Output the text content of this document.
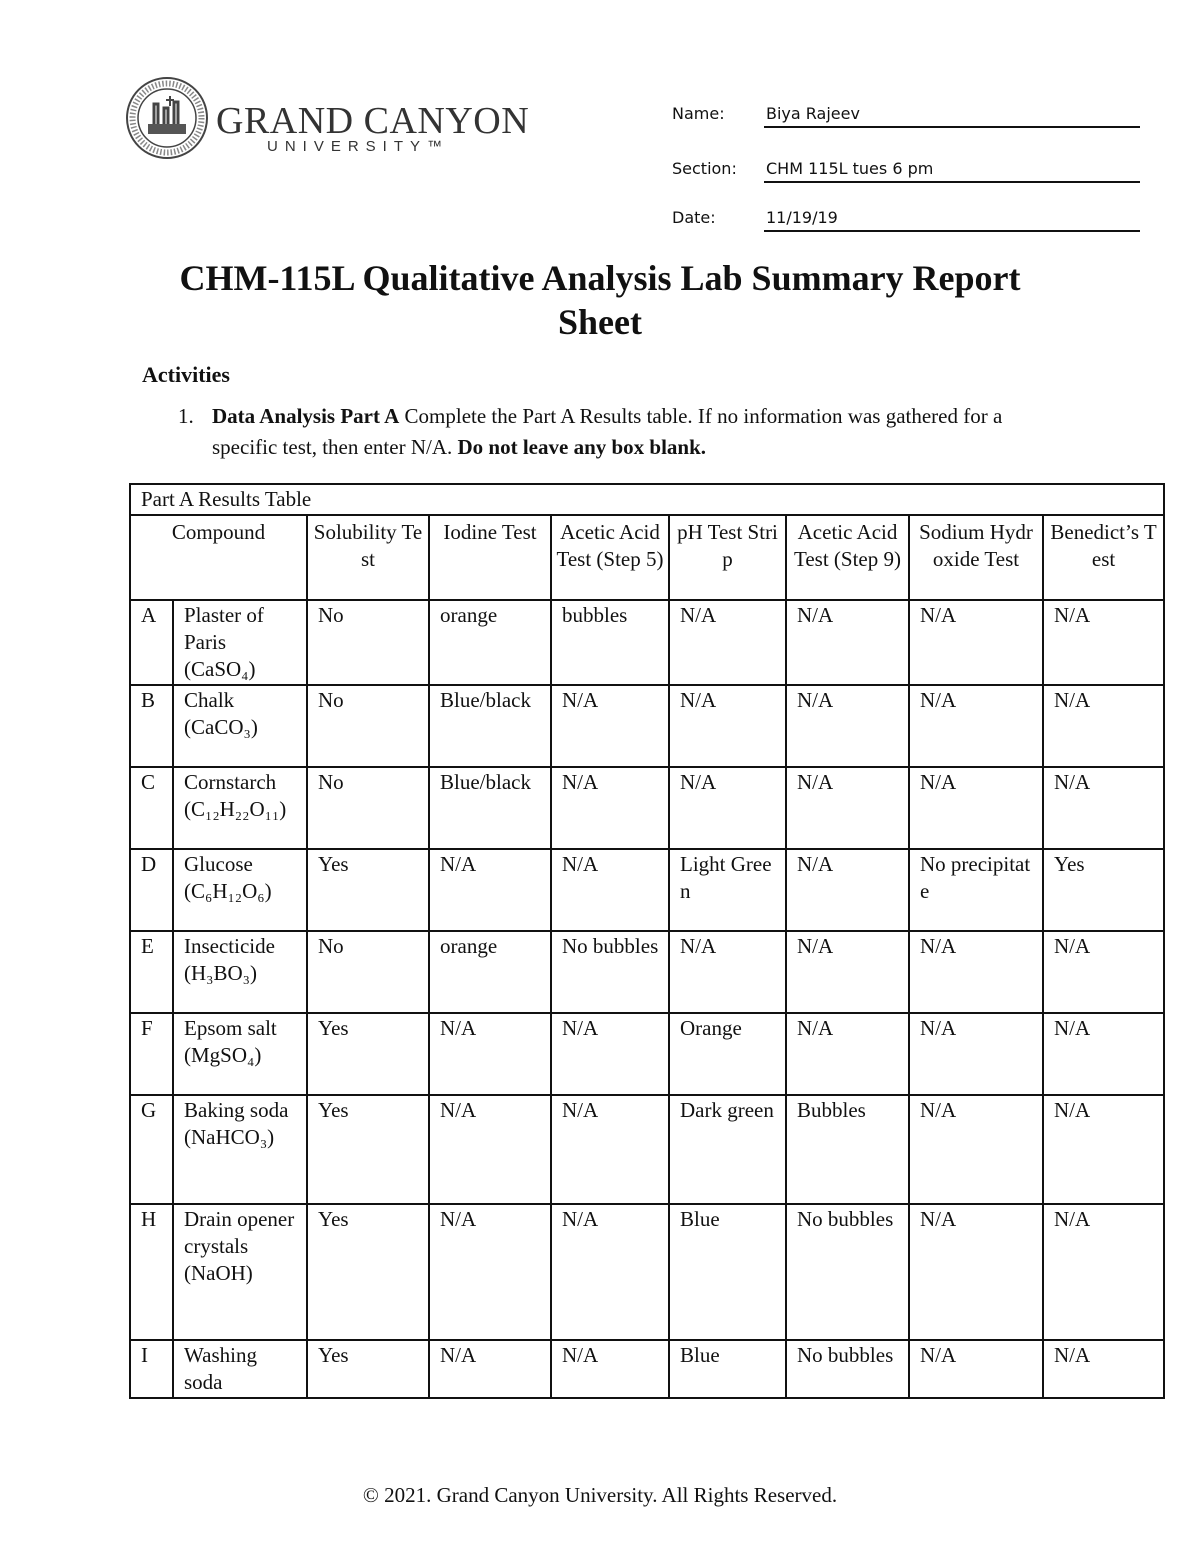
GRAND CANYON
UNIVERSITY™
Name:	Biya Rajeev
Section: CHM 115L tues 6 pm
Date:	11/19/19
CHM-115L Qualitative Analysis Lab Summary Report
Sheet
Activities
1. Data Analysis Part A Complete the Part A Results table. If no information was gathered for a specific test, then enter N/A. Do not leave any box blank.
Part A Results Table								
Compound		Solubility Test	Iodine Test	Acetic Acid Test (Step 5)	pH Test Strip	Acetic Acid Test (Step 9)	Sodium Hydroxide Test	Benedict’s Test
A	Plaster of Paris (CaSO₄)	No	orange	bubbles	N/A	N/A	N/A	N/A
B	Chalk (CaCO₃)	No	Blue/black	N/A	N/A	N/A	N/A	N/A
C	Cornstarch (C₁₂H₂₂O₁₁)	No	Blue/black	N/A	N/A	N/A	N/A	N/A
D	Glucose (C₆H₁₂O₆)	Yes	N/A	N/A	Light Green	N/A	No precipitate	Yes
E	Insecticide (H₃BO₃)	No	orange	No bubbles	N/A	N/A	N/A	N/A
F	Epsom salt (MgSO₄)	Yes	N/A	N/A	Orange	N/A	N/A	N/A
G	Baking soda (NaHCO₃)	Yes	N/A	N/A	Dark green	Bubbles	N/A	N/A
H	Drain opener crystals (NaOH)	Yes	N/A	N/A	Blue	No bubbles	N/A	N/A
I	Washing soda	Yes	N/A	N/A	Blue	No bubbles	N/A	N/A
© 2021. Grand Canyon University. All Rights Reserved.
